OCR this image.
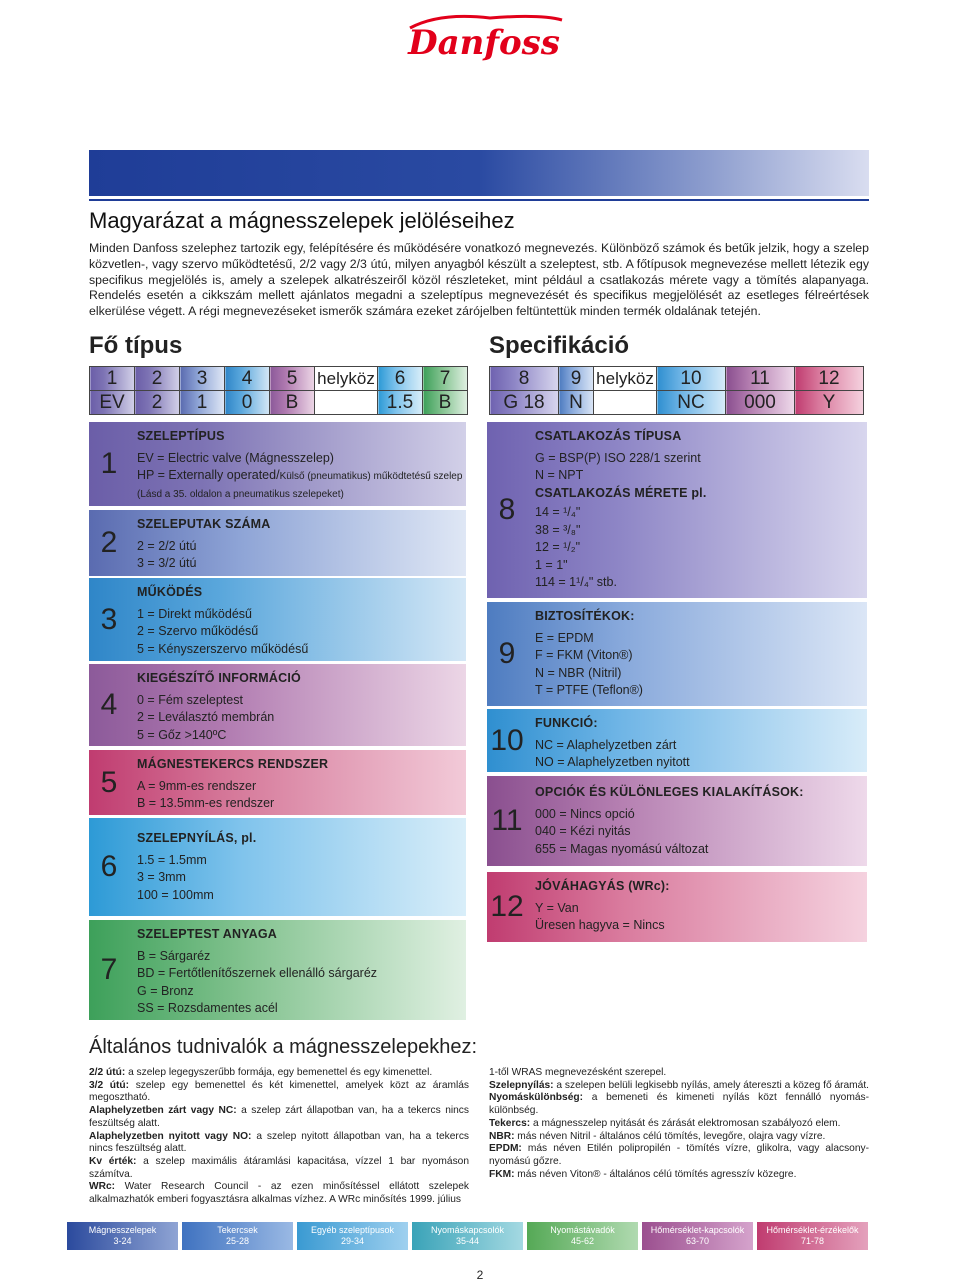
Danfoss
Magyarázat a mágnesszelepek jelöléseihez

Minden Danfoss szelephez tartozik egy, felépítésére és működésére vonatkozó megnevezés. Különböző számok és betűk jelzik, hogy a szelep közvetlen-, vagy szervo működtetésű, 2/2 vagy 2/3 útú, milyen anyagból készült a szeleptest, stb. A főtípusok megnevezése mellett létezik egy specifikus megjelölés is, amely a szelepek alkatrészeiről közöl részleteket, mint például a csatlakozás mérete vagy a tömítés alapanyaga. Rendelés esetén a cikkszám mellett ajánlatos megadni a szeleptípus megnevezését és specifikus megjelölését az esetleges félreértések elkerülése végett. A régi megnevezéseket ismerők számára ezeket zárójelben feltüntettük minden termék oldalának tetején.

Fő típus	Specifikáció
1	2	3	4	5	helyköz	6	7
EV	2	1	0	B		1.5	B
8	9	helyköz	10	11	12
G 18	N		NC	000	Y
1
SZELEPTÍPUS
EV = Electric valve (Mágnesszelep)
HP = Externally operated/Külső (pneumatikus) működtetésű szelep
(Lásd a 35. oldalon a pneumatikus szelepeket)
2
SZELEPUTAK SZÁMA
2 = 2/2 útú
3 = 3/2 útú
3
MŰKÖDÉS
1 = Direkt működésű
2 = Szervo működésű
5 = Kényszerszervo működésű
4
KIEGÉSZÍTŐ INFORMÁCIÓ
0 = Fém szeleptest
2 = Leválasztó membrán
5 = Gőz >140ºC
5
MÁGNESTEKERCS RENDSZER
A = 9mm-es rendszer
B = 13.5mm-es rendszer
6
SZELEPNYÍLÁS, pl.
1.5 = 1.5mm
3 = 3mm
100 = 100mm
7
SZELEPTEST ANYAGA
B = Sárgaréz
BD = Fertőtlenítőszernek ellenálló sárgaréz
G = Bronz
SS = Rozsdamentes acél
8
CSATLAKOZÁS TÍPUSA
G = BSP(P) ISO 228/1 szerint
N = NPT
CSATLAKOZÁS MÉRETE pl.
14 = ¹/₄"
38 = ³/₈"
12 = ¹/₂"
1 = 1"
114 = 1¹/₄" stb.
9
BIZTOSÍTÉKOK:
E = EPDM
F = FKM (Viton®)
N = NBR (Nitril)
T = PTFE (Teflon®)
10
FUNKCIÓ:
NC = Alaphelyzetben zárt
NO = Alaphelyzetben nyitott
11
OPCIÓK ÉS KÜLÖNLEGES KIALAKÍTÁSOK:
000 = Nincs opció
040 = Kézi nyitás
655 = Magas nyomású változat
12
JÓVÁHAGYÁS (WRc):
Y = Van
Üresen hagyva = Nincs
Általános tudnivalók a mágnesszelepekhez:

2/2 útú: a szelep legegyszerűbb formája, egy bemenettel és egy kimenettel.

3/2 útú: szelep egy bemenettel és két kimenettel, amelyek közt az áramlás megosztható.

Alaphelyzetben zárt vagy NC: a szelep zárt állapotban van, ha a tekercs nincs feszültség alatt.

Alaphelyzetben nyitott vagy NO: a szelep nyitott állapotban van, ha a tekercs nincs feszültség alatt.

Kv érték: a szelep maximális átáramlási kapacitása, vízzel 1 bar nyomáson számítva.

WRc: Water Research Council - az ezen minősítéssel ellátott szelepek alkalmazhatók emberi fogyasztásra alkalmas vízhez. A WRc minősítés 1999. július

1-től WRAS megnevezésként szerepel.

Szelepnyílás: a szelepen belüli legkisebb nyílás, amely átereszti a közeg fő áramát.

Nyomáskülönbség: a bemeneti és kimeneti nyílás közt fennálló nyomás-különbség.

Tekercs: a mágnesszelep nyitását és zárását elektromosan szabályozó elem.

NBR: más néven Nitril - általános célú tömítés, levegőre, olajra vagy vízre.

EPDM: más néven Etilén polipropilén - tömítés vízre, glikolra, vagy alacsony-nyomású gőzre.

FKM: más néven Viton® - általános célú tömítés agresszív közegre.

Mágnesszelepek
3-24
Tekercsek
25-28
Egyéb szeleptípusok
29-34
Nyomáskapcsolók
35-44
Nyomástávadók
45-62
Hőmérséklet-kapcsolók
63-70
Hőmérséklet-érzékelők
71-78
2
